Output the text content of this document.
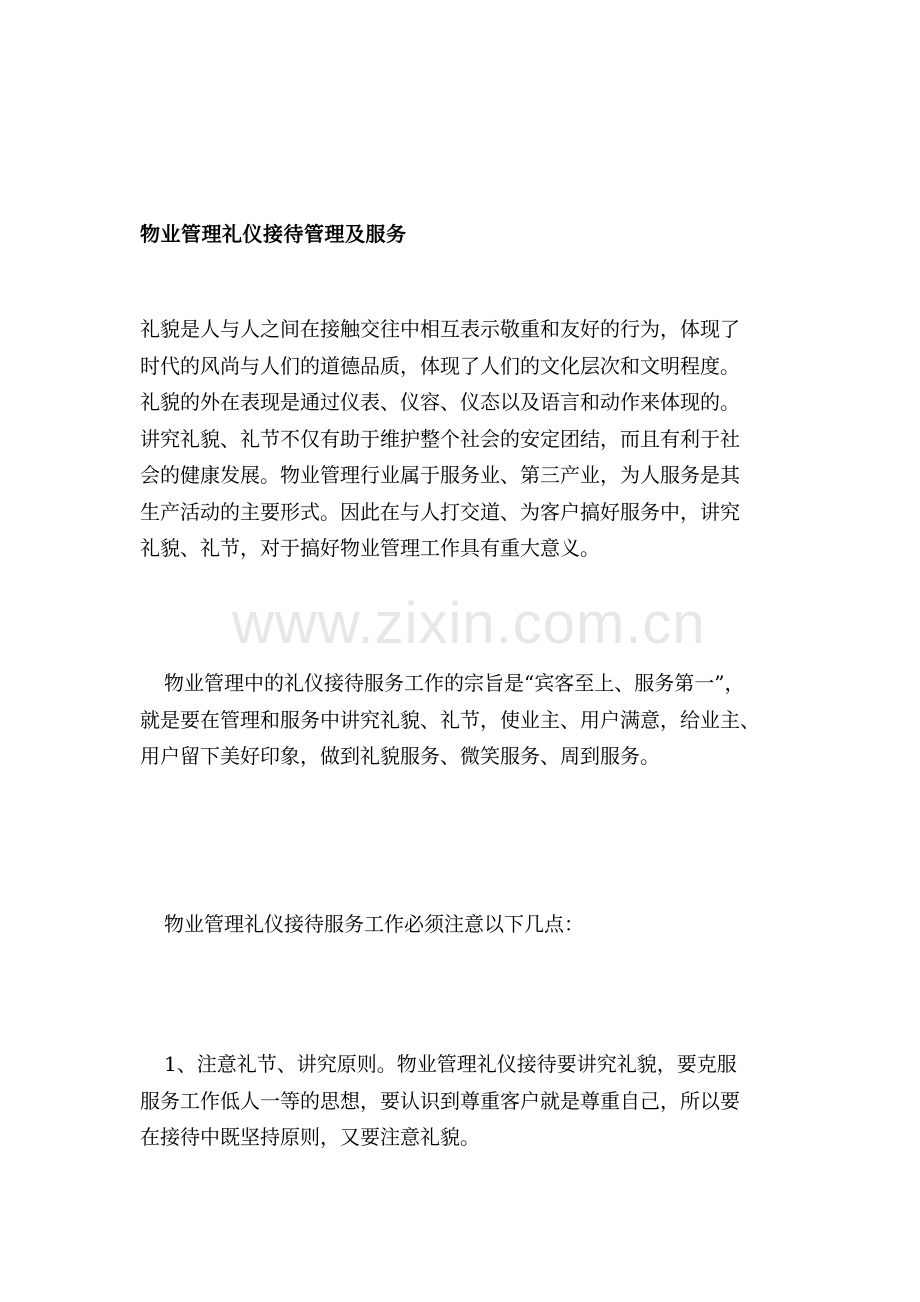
物业管理礼仪接待管理及服务
礼貌是人与人之间在接触交往中相互表示敬重和友好的行为，体现了
时代的风尚与人们的道德品质，体现了人们的文化层次和文明程度。
礼貌的外在表现是通过仪表、仪容、仪态以及语言和动作来体现的。
讲究礼貌、礼节不仅有助于维护整个社会的安定团结，而且有利于社
会的健康发展。物业管理行业属于服务业、第三产业，为人服务是其
生产活动的主要形式。因此在与人打交道、为客户搞好服务中，讲究
礼貌、礼节，对于搞好物业管理工作具有重大意义。
物业管理中的礼仪接待服务工作的宗旨是“宾客至上、服务第一”，
就是要在管理和服务中讲究礼貌、礼节，使业主、用户满意，给业主、
用户留下美好印象，做到礼貌服务、微笑服务、周到服务。
物业管理礼仪接待服务工作必须注意以下几点：
1、注意礼节、讲究原则。物业管理礼仪接待要讲究礼貌，要克服
服务工作低人一等的思想，要认识到尊重客户就是尊重自己，所以要
在接待中既坚持原则，又要注意礼貌。
www.zixin.com.cn
